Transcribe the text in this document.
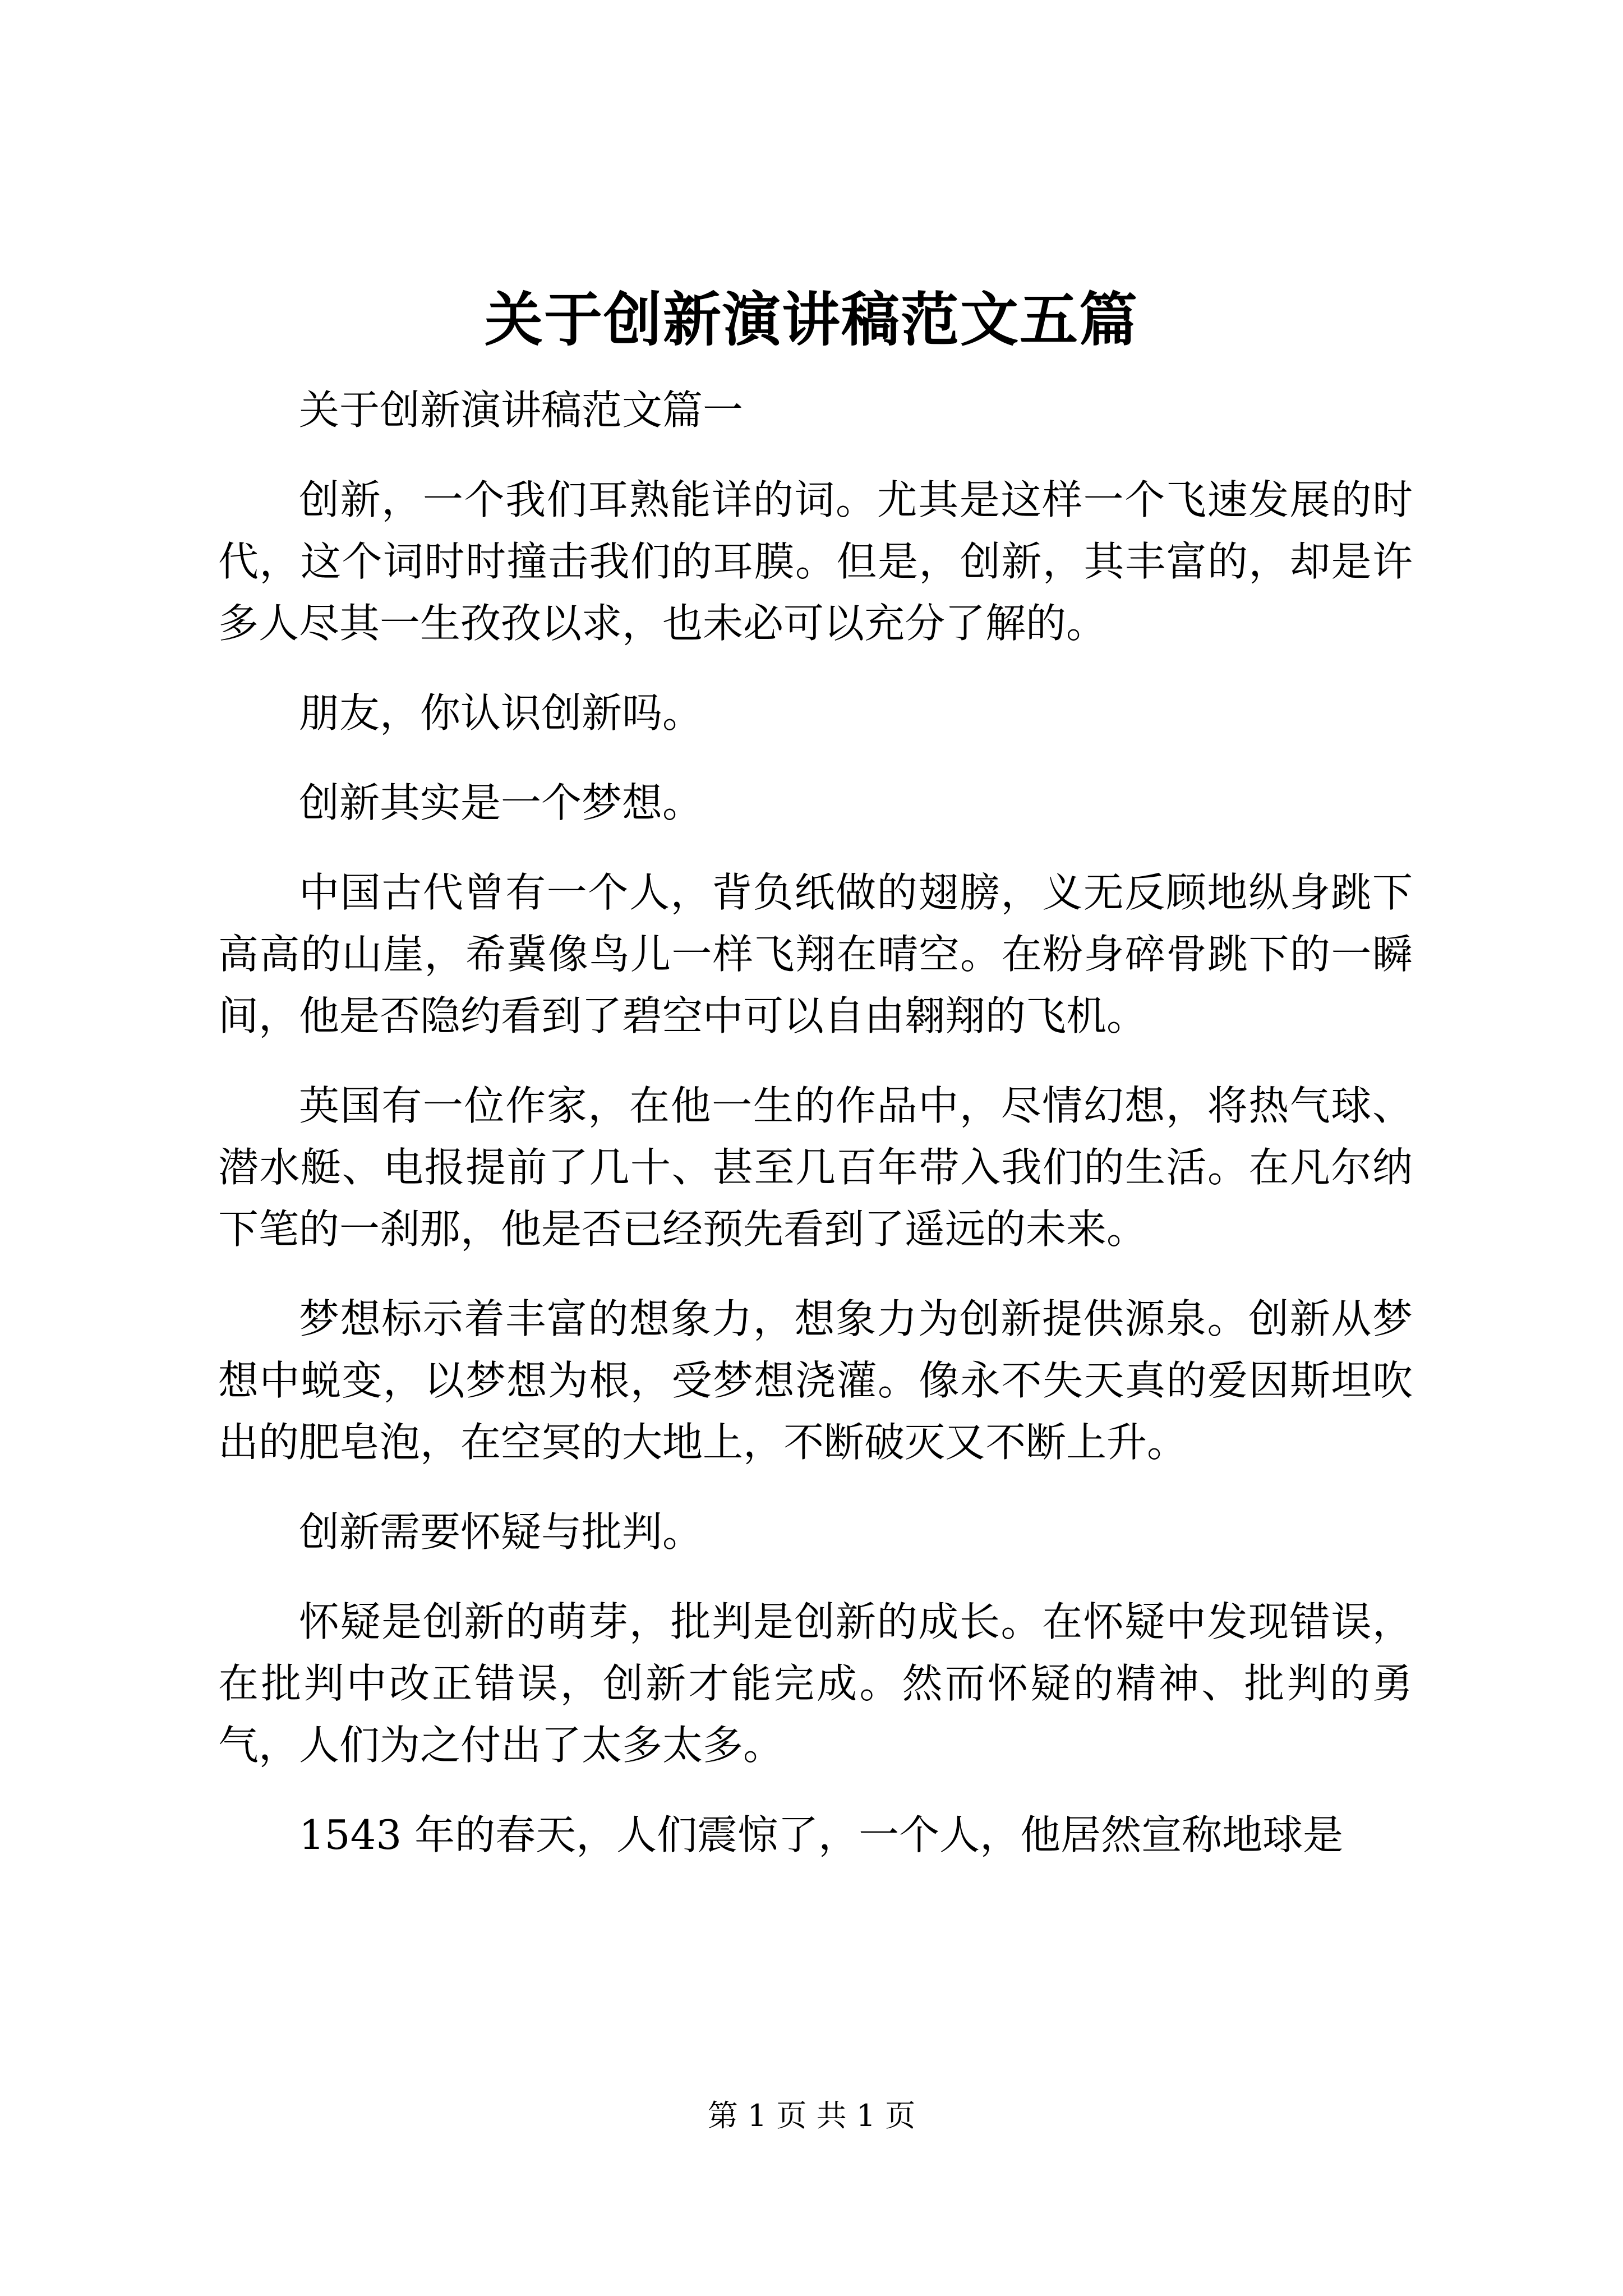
关于创新演讲稿范文五篇

关于创新演讲稿范文篇一

创新，一个我们耳熟能详的词。尤其是这样一个飞速发展的时代，这个词时时撞击我们的耳膜。但是，创新，其丰富的，却是许多人尽其一生孜孜以求，也未必可以充分了解的。

朋友，你认识创新吗。

创新其实是一个梦想。

中国古代曾有一个人，背负纸做的翅膀，义无反顾地纵身跳下高高的山崖，希冀像鸟儿一样飞翔在晴空。在粉身碎骨跳下的一瞬间，他是否隐约看到了碧空中可以自由翱翔的飞机。

英国有一位作家，在他一生的作品中，尽情幻想，将热气球、潜水艇、电报提前了几十、甚至几百年带入我们的生活。在凡尔纳下笔的一刹那，他是否已经预先看到了遥远的未来。

梦想标示着丰富的想象力，想象力为创新提供源泉。创新从梦想中蜕变，以梦想为根，受梦想浇灌。像永不失天真的爱因斯坦吹出的肥皂泡，在空冥的大地上，不断破灭又不断上升。

创新需要怀疑与批判。

怀疑是创新的萌芽，批判是创新的成长。在怀疑中发现错误，在批判中改正错误，创新才能完成。然而怀疑的精神、批判的勇气，人们为之付出了太多太多。

1543 年的春天，人们震惊了，一个人，他居然宣称地球是

第 1 页 共 1 页
